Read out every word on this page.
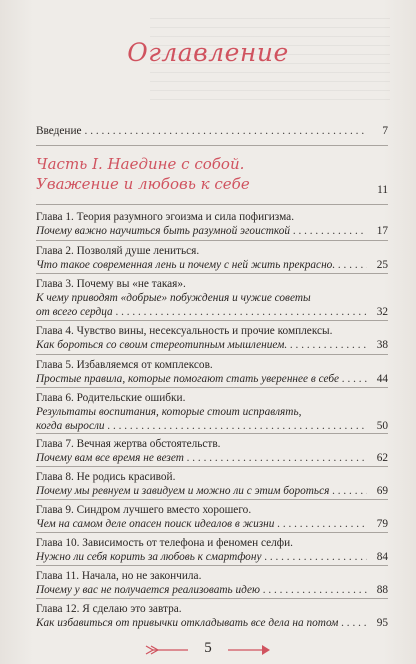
Оглавление
Введение . . .	7
Часть I. Наедине с собой.
Уважение и любовь к себе	11
Глава 1. Теория разумного эгоизма и сила пофигизма.
Почему важно научиться быть разумной эгоисткой . . .	17
Глава 2. Позволяй душе лениться.
Что такое современная лень и почему с ней жить прекрасно. . . .	25
Глава 3. Почему вы «не такая».
К чему приводят «добрые» побуждения и чужие советы
от всего сердца . . .	32
Глава 4. Чувство вины, несексуальность и прочие комплексы.
Как бороться со своим стереотипным мышлением. . . .	38
Глава 5. Избавляемся от комплексов.
Простые правила, которые помогают стать увереннее в себе . . .	44
Глава 6. Родительские ошибки.
Результаты воспитания, которые стоит исправлять,
когда выросли . . .	50
Глава 7. Вечная жертва обстоятельств.
Почему вам все время не везет . . .	62
Глава 8. Не родись красивой.
Почему мы ревнуем и завидуем и можно ли с этим бороться . . .	69
Глава 9. Синдром лучшего вместо хорошего.
Чем на самом деле опасен поиск идеалов в жизни . . .	79
Глава 10. Зависимость от телефона и феномен селфи.
Нужно ли себя корить за любовь к смартфону . . .	84
Глава 11. Начала, но не закончила.
Почему у вас не получается реализовать идею . . .	88
Глава 12. Я сделаю это завтра.
Как избавиться от привычки откладывать все дела на потом . . .	95
5
